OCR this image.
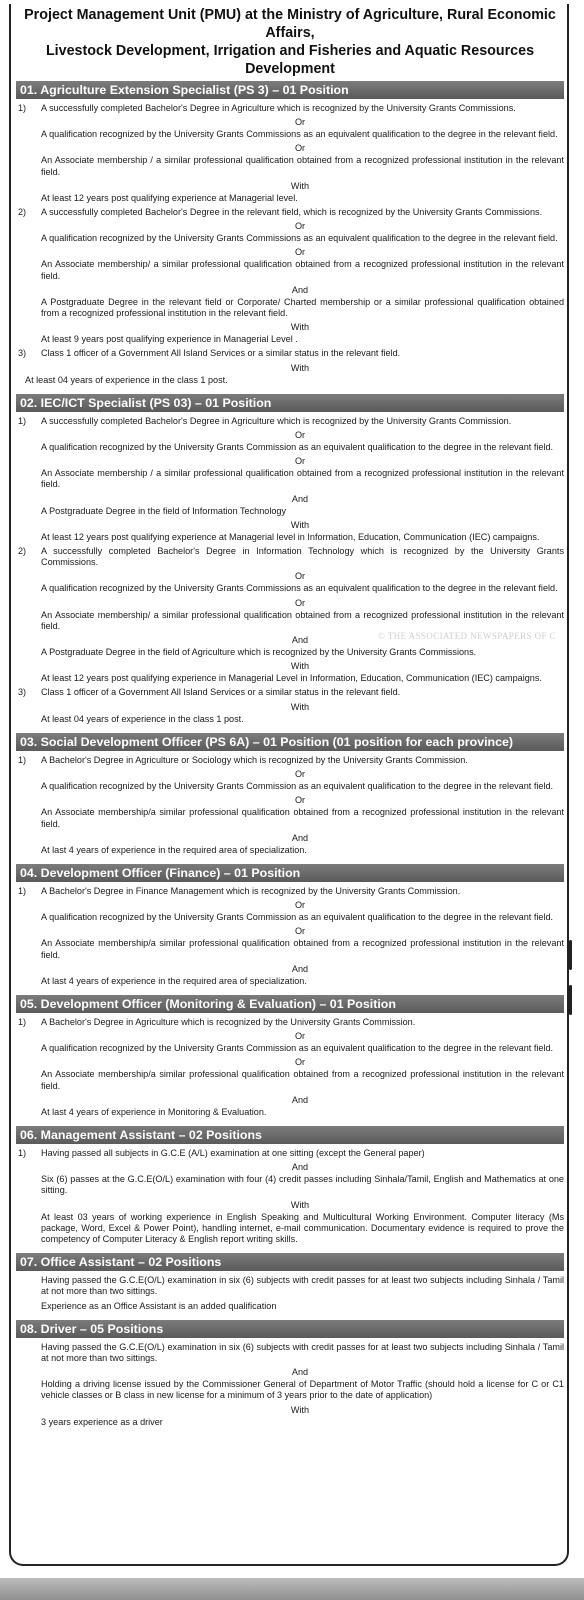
Project Management Unit (PMU) at the Ministry of Agriculture, Rural Economic Affairs,
Livestock Development, Irrigation and Fisheries and Aquatic Resources Development
01. Agriculture Extension Specialist (PS 3) – 01 Position
1) A successfully completed Bachelor's Degree in Agriculture which is recognized by the University Grants Commissions.
Or
A qualification recognized by the University Grants Commissions as an equivalent qualification to the degree in the relevant field.
Or
An Associate membership / a similar professional qualification obtained from a recognized professional institution in the relevant field.
With
At least 12 years post qualifying experience at Managerial level.
2) A successfully completed Bachelor's Degree in the relevant field, which is recognized by the University Grants Commissions.
Or
A qualification recognized by the University Grants Commissions as an equivalent qualification to the degree in the relevant field.
Or
An Associate membership/ a similar professional qualification obtained from a recognized professional institution in the relevant field.
And
A Postgraduate Degree in the relevant field or Corporate/ Charted membership or a similar professional qualification obtained from a recognized professional institution in the relevant field.
With
At least 9 years post qualifying experience in Managerial Level .
3) Class 1 officer of a Government All Island Services or a similar status in the relevant field.
With
At least 04 years of experience in the class 1 post.
02. IEC/ICT Specialist (PS 03) – 01 Position
1) A successfully completed Bachelor's Degree in Agriculture which is recognized by the University Grants Commission.
Or
A qualification recognized by the University Grants Commission as an equivalent qualification to the degree in the relevant field.
Or
An Associate membership / a similar professional qualification obtained from a recognized professional institution in the relevant field.
And
A Postgraduate Degree in the field of Information Technology
With
At least 12 years post qualifying experience at Managerial level in Information, Education, Communication (IEC) campaigns.
2) A successfully completed Bachelor's Degree in Information Technology which is recognized by the University Grants Commissions.
Or
A qualification recognized by the University Grants Commissions as an equivalent qualification to the degree in the relevant field.
Or
An Associate membership/ a similar professional qualification obtained from a recognized professional institution in the relevant field.
And
A Postgraduate Degree in the field of Agriculture which is recognized by the University Grants Commissions.
With
At least 12 years post qualifying experience in Managerial Level in Information, Education, Communication (IEC) campaigns.
3) Class 1 officer of a Government All Island Services or a similar status in the relevant field.
With
At least 04 years of experience in the class 1 post.
03. Social Development Officer (PS 6A) – 01 Position (01 position for each province)
1) A Bachelor's Degree in Agriculture or Sociology which is recognized by the University Grants Commission.
Or
A qualification recognized by the University Grants Commission as an equivalent qualification to the degree in the relevant field.
Or
An Associate membership/a similar professional qualification obtained from a recognized professional institution in the relevant field.
And
At last 4 years of experience in the required area of specialization.
04. Development Officer (Finance) – 01 Position
1) A Bachelor's Degree in Finance Management which is recognized by the University Grants Commission.
Or
A qualification recognized by the University Grants Commission as an equivalent qualification to the degree in the relevant field.
Or
An Associate membership/a similar professional qualification obtained from a recognized professional institution in the relevant field.
And
At last 4 years of experience in the required area of specialization.
05. Development Officer (Monitoring & Evaluation) – 01 Position
1) A Bachelor's Degree in Agriculture which is recognized by the University Grants Commission.
Or
A qualification recognized by the University Grants Commission as an equivalent qualification to the degree in the relevant field.
Or
An Associate membership/a similar professional qualification obtained from a recognized professional institution in the relevant field.
And
At last 4 years of experience in Monitoring & Evaluation.
06. Management Assistant – 02 Positions
1) Having passed all subjects in G.C.E (A/L) examination at one sitting (except the General paper)
And
Six (6) passes at the G.C.E(O/L) examination with four (4) credit passes including Sinhala/Tamil, English and Mathematics at one sitting.
With
At least 03 years of working experience in English Speaking and Multicultural Working Environment. Computer literacy (Ms package, Word, Excel & Power Point), handling internet, e-mail communication. Documentary evidence is required to prove the competency of Computer Literacy & English report writing skills.
07. Office Assistant – 02 Positions
Having passed the G.C.E(O/L) examination in six (6) subjects with credit passes for at least two subjects including Sinhala / Tamil at not more than two sittings.
Experience as an Office Assistant is an added qualification
08. Driver – 05 Positions
Having passed the G.C.E(O/L) examination in six (6) subjects with credit passes for at least two subjects including Sinhala / Tamil at not more than two sittings.
And
Holding a driving license issued by the Commissioner General of Department of Motor Traffic (should hold a license for C or C1 vehicle classes or B class in new license for a minimum of 3 years prior to the date of application)
With
3 years experience as a driver
© THE ASSOCIATED NEWSPAPERS OF C
